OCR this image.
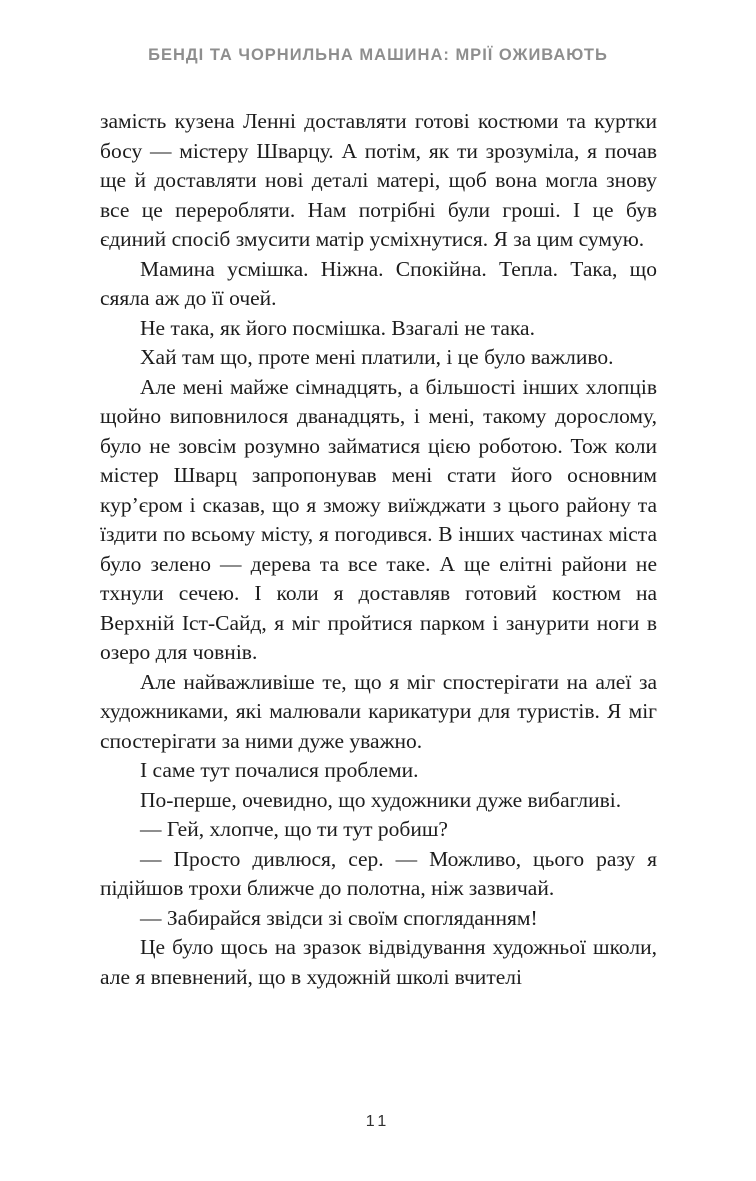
БЕНДІ ТА ЧОРНИЛЬНА МАШИНА: МРІЇ ОЖИВАЮТЬ

замість кузена Ленні доставляти готові костюми та куртки босу — містеру Шварцу. А потім, як ти зрозуміла, я почав ще й доставляти нові деталі матері, щоб вона могла знову все це переробляти. Нам потрібні були гроші. І це був єдиний спосіб змусити матір усміхнутися. Я за цим сумую.

Мамина усмішка. Ніжна. Спокійна. Тепла. Така, що сяяла аж до її очей.

Не така, як його посмішка. Взагалі не така.

Хай там що, проте мені платили, і це було важливо.

Але мені майже сімнадцять, а більшості інших хлопців щойно виповнилося дванадцять, і мені, такому дорослому, було не зовсім розумно займатися цією роботою. Тож коли містер Шварц запропонував мені стати його основним кур’єром і сказав, що я зможу виїжджати з цього району та їздити по всьому місту, я погодився. В інших частинах міста було зелено — дерева та все таке. А ще елітні райони не тхнули сечею. І коли я доставляв готовий костюм на Верхній Іст-Сайд, я міг пройтися парком і занурити ноги в озеро для човнів.

Але найважливіше те, що я міг спостерігати на алеї за художниками, які малювали карикатури для туристів. Я міг спостерігати за ними дуже уважно.

І саме тут почалися проблеми.

По-перше, очевидно, що художники дуже вибагливі.

— Гей, хлопче, що ти тут робиш?

— Просто дивлюся, сер. — Можливо, цього разу я підійшов трохи ближче до полотна, ніж зазвичай.

— Забирайся звідси зі своїм спогляданням!

Це було щось на зразок відвідування художньої школи, але я впевнений, що в художній школі вчителі

11
